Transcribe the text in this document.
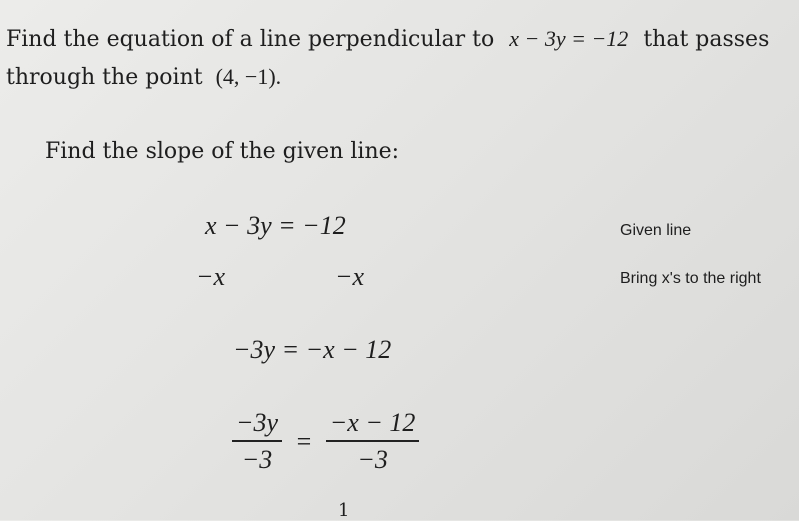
Find the equation of a line perpendicular to x − 3y = −12 that passes
through the point (4, −1).
Find the slope of the given line:
x − 3y = −12	Given line
−x	−x	Bring x's to the right
−3y = −x − 12
$\frac{-3y}{-3} = \frac{-x - 12}{-3}$
1
